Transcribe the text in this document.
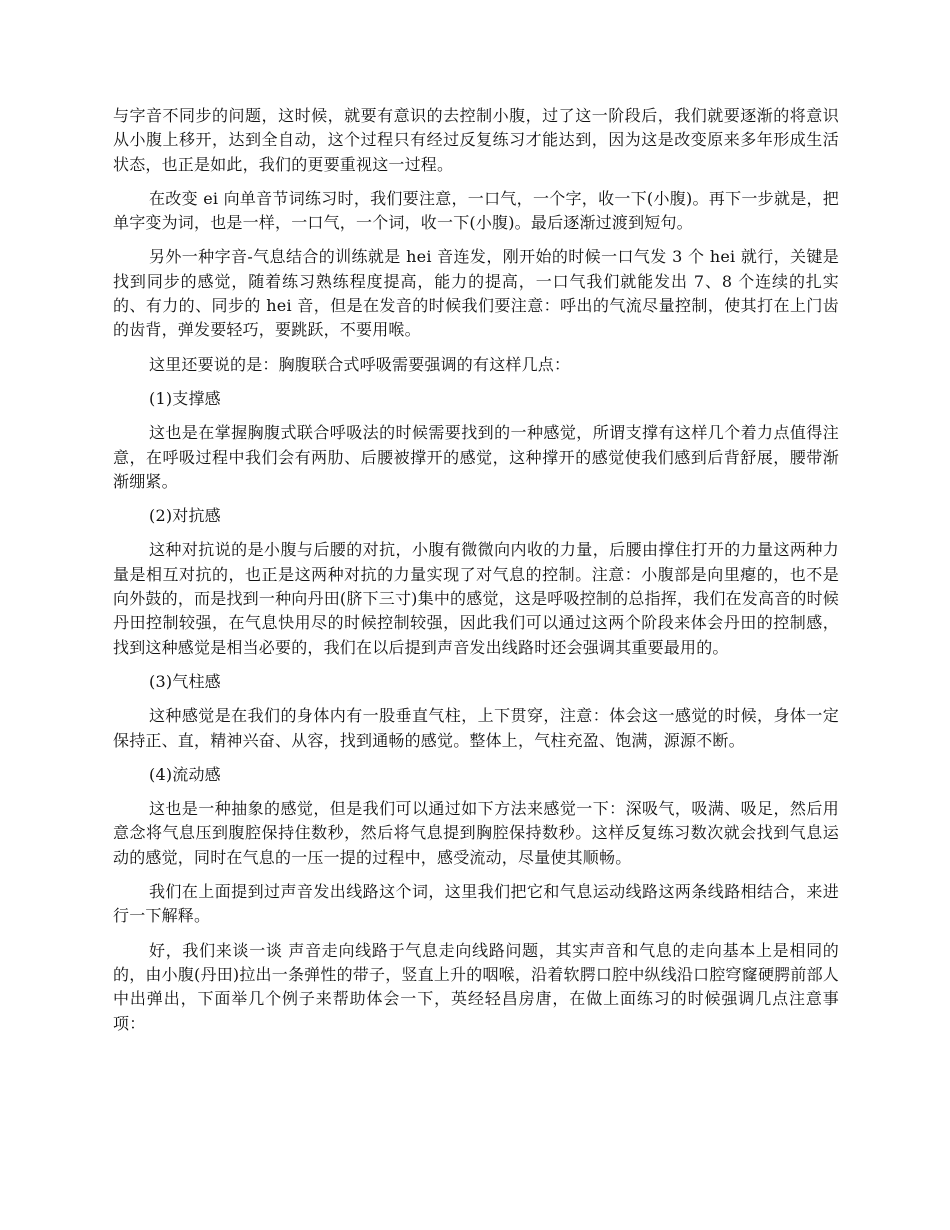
与字音不同步的问题，这时候，就要有意识的去控制小腹，过了这一阶段后，我们就要逐渐的将意识从小腹上移开，达到全自动，这个过程只有经过反复练习才能达到，因为这是改变原来多年形成生活状态，也正是如此，我们的更要重视这一过程。

在改变 ei 向单音节词练习时，我们要注意，一口气，一个字，收一下(小腹)。再下一步就是，把单字变为词，也是一样，一口气，一个词，收一下(小腹)。最后逐渐过渡到短句。

另外一种字音-气息结合的训练就是 hei 音连发，刚开始的时候一口气发 3 个 hei 就行，关键是找到同步的感觉，随着练习熟练程度提高，能力的提高，一口气我们就能发出 7、8 个连续的扎实的、有力的、同步的 hei 音，但是在发音的时候我们要注意：呼出的气流尽量控制，使其打在上门齿的齿背，弹发要轻巧，要跳跃，不要用喉。

这里还要说的是：胸腹联合式呼吸需要强调的有这样几点：

(1)支撑感

这也是在掌握胸腹式联合呼吸法的时候需要找到的一种感觉，所谓支撑有这样几个着力点值得注意，在呼吸过程中我们会有两肋、后腰被撑开的感觉，这种撑开的感觉使我们感到后背舒展，腰带渐渐绷紧。

(2)对抗感

这种对抗说的是小腹与后腰的对抗，小腹有微微向内收的力量，后腰由撑住打开的力量这两种力量是相互对抗的，也正是这两种对抗的力量实现了对气息的控制。注意：小腹部是向里瘪的，也不是向外鼓的，而是找到一种向丹田(脐下三寸)集中的感觉，这是呼吸控制的总指挥，我们在发高音的时候丹田控制较强，在气息快用尽的时候控制较强，因此我们可以通过这两个阶段来体会丹田的控制感，找到这种感觉是相当必要的，我们在以后提到声音发出线路时还会强调其重要最用的。

(3)气柱感

这种感觉是在我们的身体内有一股垂直气柱，上下贯穿，注意：体会这一感觉的时候，身体一定保持正、直，精神兴奋、从容，找到通畅的感觉。整体上，气柱充盈、饱满，源源不断。

(4)流动感

这也是一种抽象的感觉，但是我们可以通过如下方法来感觉一下：深吸气，吸满、吸足，然后用意念将气息压到腹腔保持住数秒，然后将气息提到胸腔保持数秒。这样反复练习数次就会找到气息运动的感觉，同时在气息的一压一提的过程中，感受流动，尽量使其顺畅。

我们在上面提到过声音发出线路这个词，这里我们把它和气息运动线路这两条线路相结合，来进行一下解释。

好，我们来谈一谈 声音走向线路于气息走向线路问题，其实声音和气息的走向基本上是相同的的，由小腹(丹田)拉出一条弹性的带子，竖直上升的咽喉，沿着软腭口腔中纵线沿口腔穹窿硬腭前部人中出弹出，下面举几个例子来帮助体会一下，英经轻昌房唐，在做上面练习的时候强调几点注意事项：
